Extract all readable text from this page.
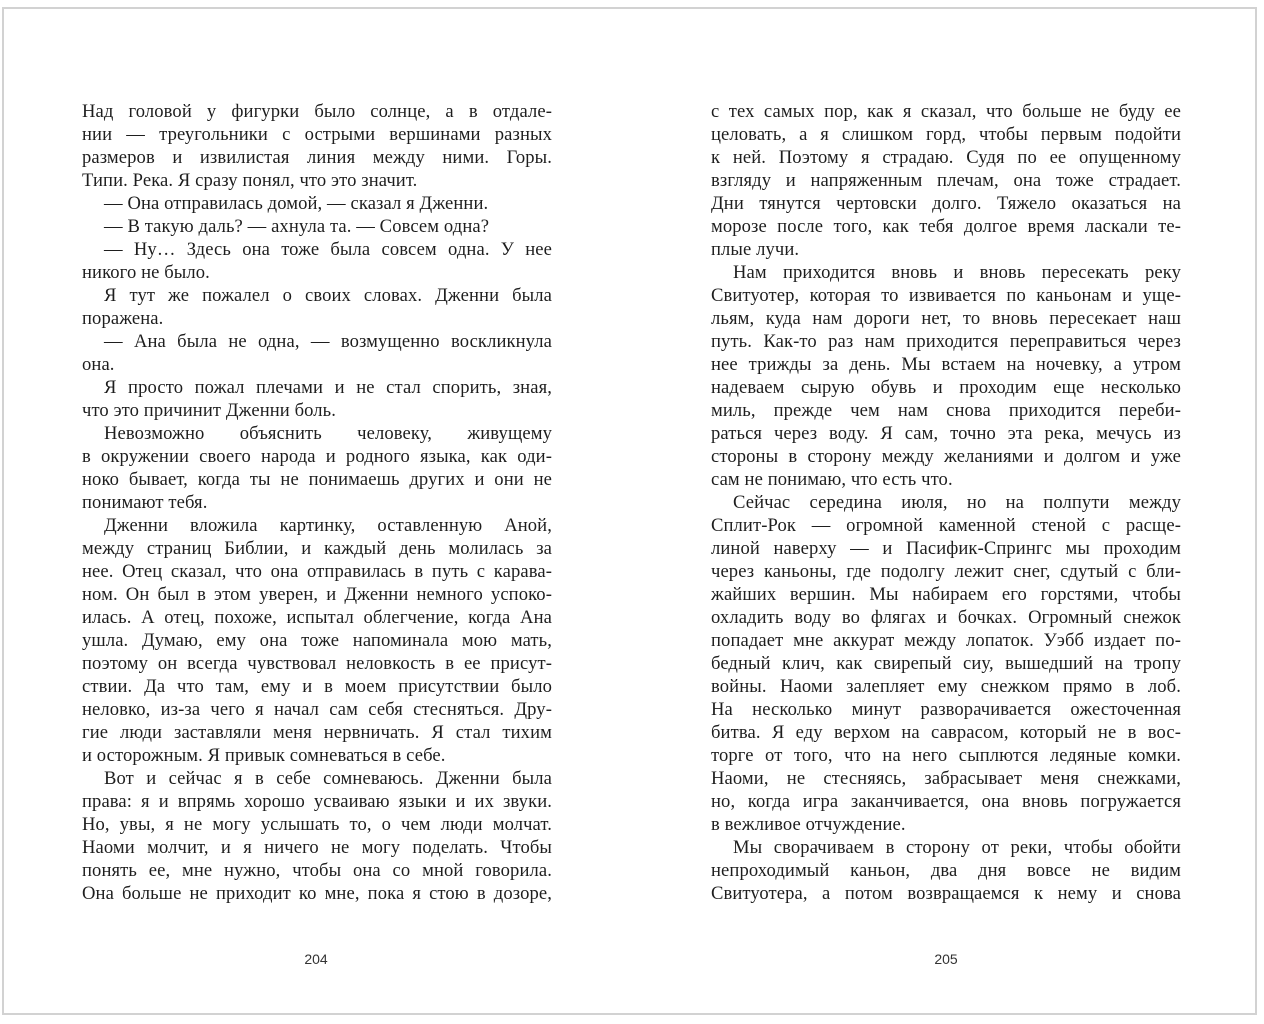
Над головой у фигурки было солнце, а в отдале-
нии — треугольники с острыми вершинами разных
размеров и извилистая линия между ними. Горы.
Типи. Река. Я сразу понял, что это значит.
— Она отправилась домой, — сказал я Дженни.
— В такую даль? — ахнула та. — Совсем одна?
— Ну… Здесь она тоже была совсем одна. У нее
никого не было.
Я тут же пожалел о своих словах. Дженни была
поражена.
— Ана была не одна, — возмущенно воскликнула
она.
Я просто пожал плечами и не стал спорить, зная,
что это причинит Дженни боль.
Невозможно объяснить человеку, живущему
в окружении своего народа и родного языка, как оди-
ноко бывает, когда ты не понимаешь других и они не
понимают тебя.
Дженни вложила картинку, оставленную Аной,
между страниц Библии, и каждый день молилась за
нее. Отец сказал, что она отправилась в путь с карава-
ном. Он был в этом уверен, и Дженни немного успоко-
илась. А отец, похоже, испытал облегчение, когда Ана
ушла. Думаю, ему она тоже напоминала мою мать,
поэтому он всегда чувствовал неловкость в ее присут-
ствии. Да что там, ему и в моем присутствии было
неловко, из-за чего я начал сам себя стесняться. Дру-
гие люди заставляли меня нервничать. Я стал тихим
и осторожным. Я привык сомневаться в себе.
Вот и сейчас я в себе сомневаюсь. Дженни была
права: я и впрямь хорошо усваиваю языки и их звуки.
Но, увы, я не могу услышать то, о чем люди молчат.
Наоми молчит, и я ничего не могу поделать. Чтобы
понять ее, мне нужно, чтобы она со мной говорила.
Она больше не приходит ко мне, пока я стою в дозоре,
204
с тех самых пор, как я сказал, что больше не буду ее
целовать, а я слишком горд, чтобы первым подойти
к ней. Поэтому я страдаю. Судя по ее опущенному
взгляду и напряженным плечам, она тоже страдает.
Дни тянутся чертовски долго. Тяжело оказаться на
морозе после того, как тебя долгое время ласкали те-
плые лучи.
Нам приходится вновь и вновь пересекать реку
Свитуотер, которая то извивается по каньонам и уще-
льям, куда нам дороги нет, то вновь пересекает наш
путь. Как-то раз нам приходится переправиться через
нее трижды за день. Мы встаем на ночевку, а утром
надеваем сырую обувь и проходим еще несколько
миль, прежде чем нам снова приходится переби-
раться через воду. Я сам, точно эта река, мечусь из
стороны в сторону между желаниями и долгом и уже
сам не понимаю, что есть что.
Сейчас середина июля, но на полпути между
Сплит-Рок — огромной каменной стеной с расще-
линой наверху — и Пасифик-Спрингс мы проходим
через каньоны, где подолгу лежит снег, сдутый с бли-
жайших вершин. Мы набираем его горстями, чтобы
охладить воду во флягах и бочках. Огромный снежок
попадает мне аккурат между лопаток. Уэбб издает по-
бедный клич, как свирепый сиу, вышедший на тропу
войны. Наоми залепляет ему снежком прямо в лоб.
На несколько минут разворачивается ожесточенная
битва. Я еду верхом на саврасом, который не в вос-
торге от того, что на него сыплются ледяные комки.
Наоми, не стесняясь, забрасывает меня снежками,
но, когда игра заканчивается, она вновь погружается
в вежливое отчуждение.
Мы сворачиваем в сторону от реки, чтобы обойти
непроходимый каньон, два дня вовсе не видим
Свитуотера, а потом возвращаемся к нему и снова
205
